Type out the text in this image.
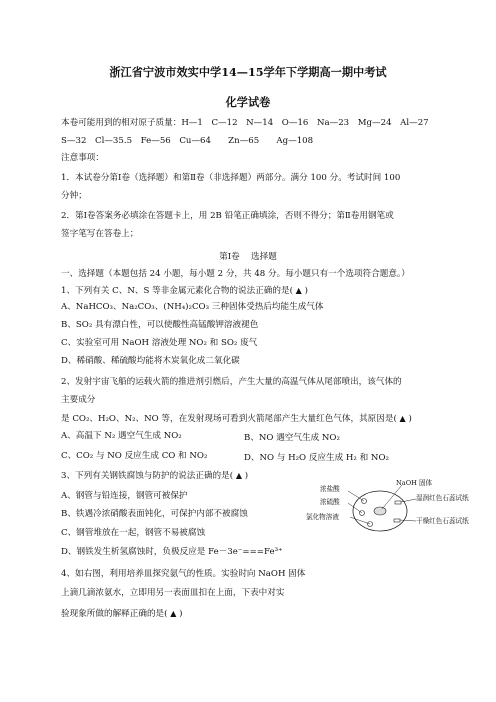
浙江省宁波市效实中学14—15学年下学期高一期中考试
化学试卷
本卷可能用到的相对原子质量：H—1　C—12　N—14　O—16　Na—23　Mg—24　Al—27
S—32　Cl—35.5　Fe—56　Cu—64　　Zn—65　　Ag—108
注意事项：
1．本试卷分第Ⅰ卷（选择题）和第Ⅱ卷（非选择题）两部分。满分 100 分。考试时间 100
分钟；
2．第Ⅰ卷答案务必填涂在答题卡上，用 2B 铅笔正确填涂，否则不得分；第Ⅱ卷用钢笔或
签字笔写在答卷上；
第Ⅰ卷　 选择题
一、选择题（本题包括 24 小题，每小题 2 分，共 48 分。每小题只有一个选项符合题意。）
1、下列有关 C、N、S 等非金属元素化合物的说法正确的是( ▲ )
A、NaHCO₃、Na₂CO₃、(NH₄)₂CO₃ 三种固体受热后均能生成气体
B、SO₂ 具有漂白性，可以使酸性高锰酸钾溶液褪色
C、实验室可用 NaOH 溶液处理 NO₂ 和 SO₂ 废气
D、稀硝酸、稀硫酸均能将木炭氧化成二氧化碳
2、发射宇宙飞船的运载火箭的推进剂引燃后，产生大量的高温气体从尾部喷出，该气体的
主要成分
是 CO₂、H₂O、N₂、NO 等，在发射现场可看到火箭尾部产生大量红色气体，其原因是( ▲ )
A、高温下 N₂ 遇空气生成 NO₂	B、NO 遇空气生成 NO₂
C、CO₂ 与 NO 反应生成 CO 和 NO₂	D、NO 与 H₂O 反应生成 H₂ 和 NO₂
3、下列有关钢铁腐蚀与防护的说法正确的是( ▲ )
A、钢管与铅连接，钢管可被保护
B、铁遇冷浓硝酸表面钝化，可保护内部不被腐蚀
C、钢管堆放在一起，钢管不易被腐蚀
D、钢铁发生析氢腐蚀时，负极反应是 Fe－3e⁻===Fe³⁺
4、如右图，利用培养皿探究氨气的性质。实验时向 NaOH 固体
上滴几滴浓氨水，立即用另一表面皿扣在上面，下表中对实
验现象所做的解释正确的是( ▲ )
NaOH 固体
浓盐酸
浓硫酸
氯化物溶液
湿润红色石蕊试纸
干燥红色石蕊试纸
